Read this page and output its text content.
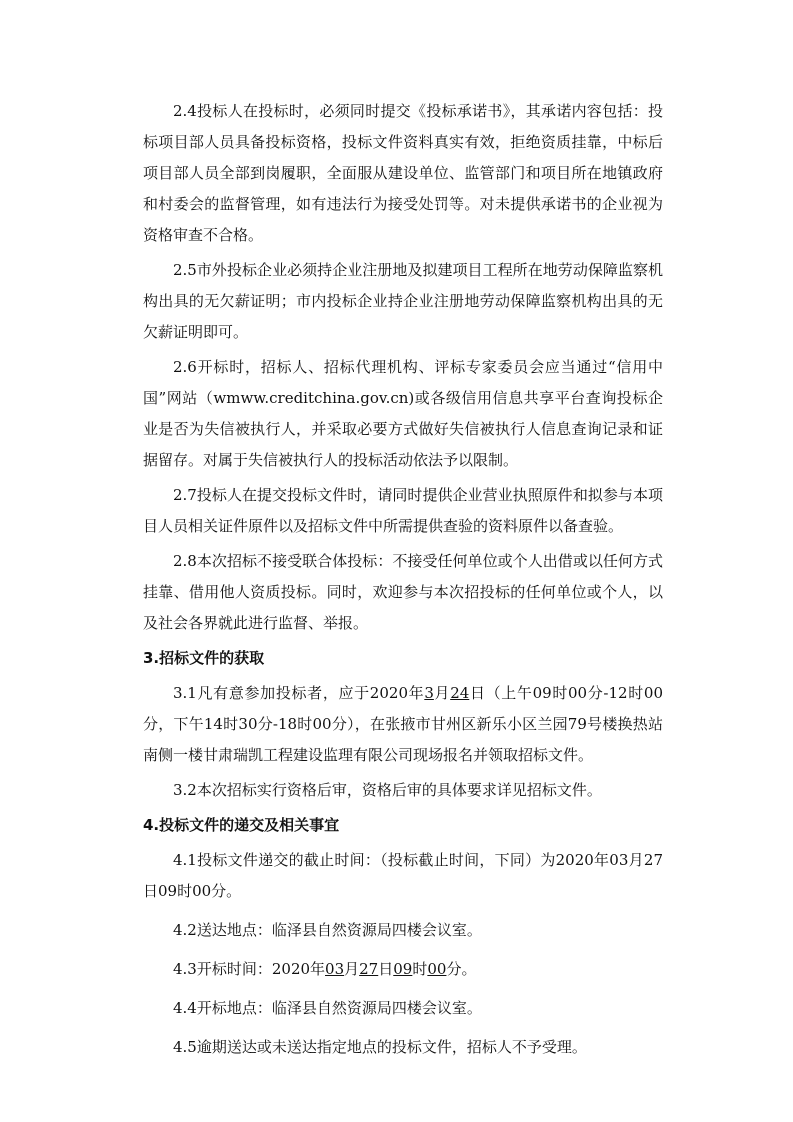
2.4投标人在投标时，必须同时提交《投标承诺书》，其承诺内容包括：投标项目部人员具备投标资格，投标文件资料真实有效，拒绝资质挂靠，中标后项目部人员全部到岗履职，全面服从建设单位、监管部门和项目所在地镇政府和村委会的监督管理，如有违法行为接受处罚等。对未提供承诺书的企业视为资格审查不合格。

2.5市外投标企业必须持企业注册地及拟建项目工程所在地劳动保障监察机构出具的无欠薪证明；市内投标企业持企业注册地劳动保障监察机构出具的无欠薪证明即可。

2.6开标时，招标人、招标代理机构、评标专家委员会应当通过“信用中国”网站（wmww.creditchina.gov.cn)或各级信用信息共享平台查询投标企业是否为失信被执行人，并采取必要方式做好失信被执行人信息查询记录和证据留存。对属于失信被执行人的投标活动依法予以限制。

2.7投标人在提交投标文件时，请同时提供企业营业执照原件和拟参与本项目人员相关证件原件以及招标文件中所需提供查验的资料原件以备查验。

2.8本次招标不接受联合体投标：不接受任何单位或个人出借或以任何方式挂靠、借用他人资质投标。同时，欢迎参与本次招投标的任何单位或个人，以及社会各界就此进行监督、举报。

3.招标文件的获取

3.1凡有意参加投标者，应于2020年3月24日（上午09时00分-12时00分，下午14时30分-18时00分），在张掖市甘州区新乐小区兰园79号楼换热站南侧一楼甘肃瑞凯工程建设监理有限公司现场报名并领取招标文件。

3.2本次招标实行资格后审，资格后审的具体要求详见招标文件。

4.投标文件的递交及相关事宜

4.1投标文件递交的截止时间：（投标截止时间，下同）为2020年03月27日09时00分。

4.2送达地点：临泽县自然资源局四楼会议室。

4.3开标时间：2020年03月27日09时00分。

4.4开标地点：临泽县自然资源局四楼会议室。

4.5逾期送达或未送达指定地点的投标文件，招标人不予受理。
